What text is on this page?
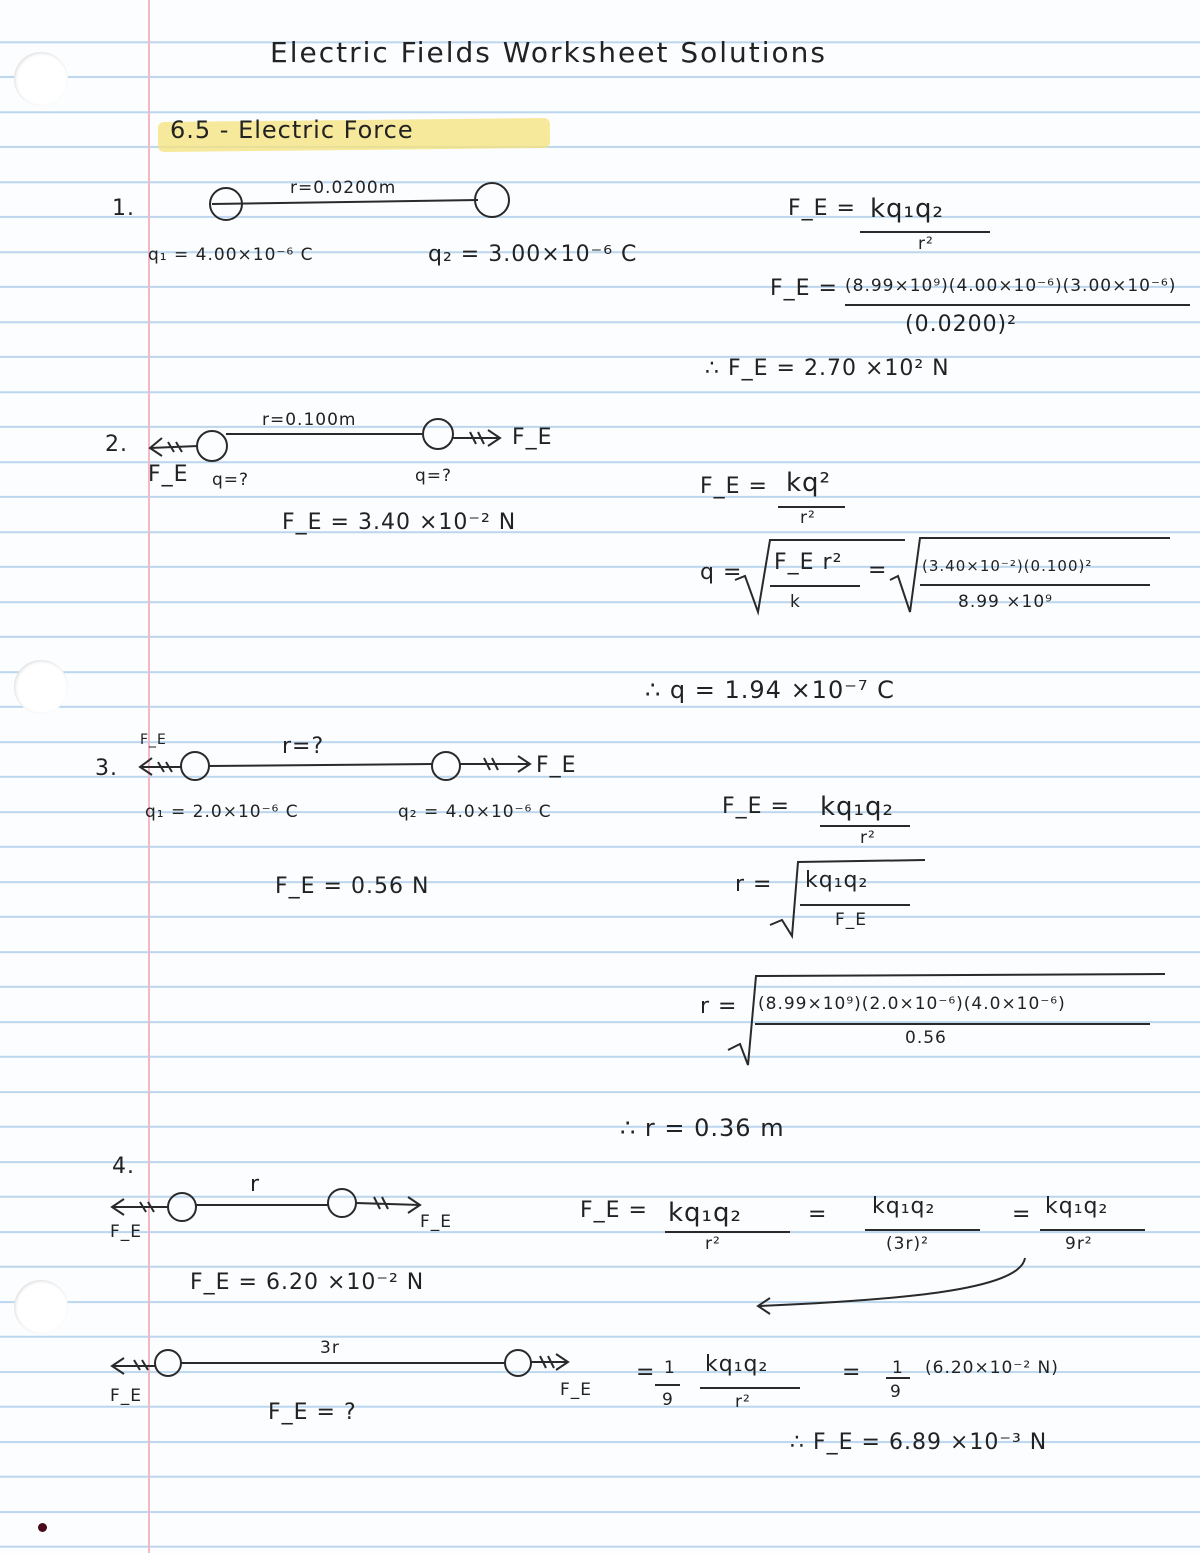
Electric Fields Worksheet Solutions
6.5 - Electric Force
1.
r=0.0200m
q₁ = 4.00×10⁻⁶ C	q₂ = 3.00×10⁻⁶ C
F_E = kq₁q₂
r²
F_E = (8.99×10⁹)(4.00×10⁻⁶)(3.00×10⁻⁶)
(0.0200)²
∴ F_E = 2.70 ×10² N
2.
r=0.100m
F_E
F_E q=?	q=?
F_E = 3.40 ×10⁻² N
F_E = kq²
r²
q = F_E r²
k
= (3.40×10⁻²)(0.100)²
8.99 ×10⁹
∴ q = 1.94 ×10⁻⁷ C
3.
F_E	r=?
F_E
q₁ = 2.0×10⁻⁶ C	q₂ = 4.0×10⁻⁶ C
F_E = 0.56 N
F_E = kq₁q₂
r²
r = kq₁q₂
F_E
r = (8.99×10⁹)(2.0×10⁻⁶)(4.0×10⁻⁶)
0.56
∴ r = 0.36 m
4.
r
F_E	F_E
F_E = 6.20 ×10⁻² N
3r
F_E	F_E
F_E = ?
F_E = kq₁q₂
r²
= kq₁q₂
(3r)²
= kq₁q₂
9r²
= 1
9
kq₁q₂
r²
= 1
9
(6.20×10⁻² N)
∴ F_E = 6.89 ×10⁻³ N
